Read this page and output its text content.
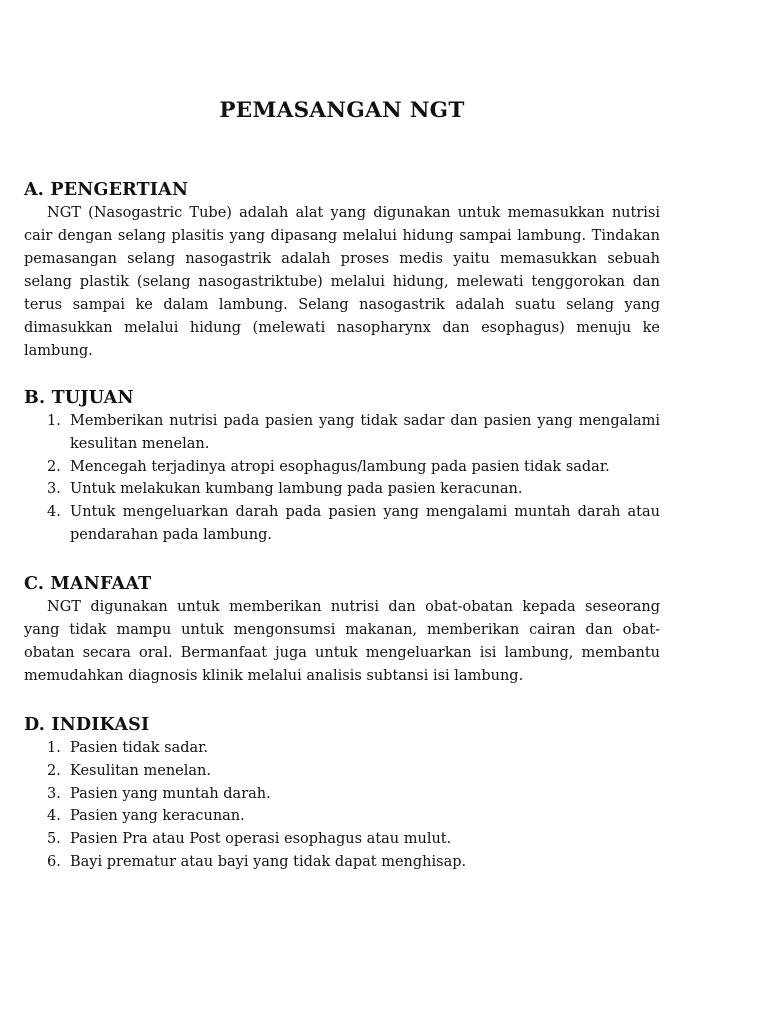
PEMASANGAN NGT
A. PENGERTIAN

NGT (Nasogastric Tube) adalah alat yang digunakan untuk memasukkan nutrisi cair dengan selang plasitis yang dipasang melalui hidung sampai lambung. Tindakan pemasangan selang nasogastrik adalah proses medis yaitu memasukkan sebuah selang plastik (selang nasogastriktube) melalui hidung, melewati tenggorokan dan terus sampai ke dalam lambung. Selang nasogastrik adalah suatu selang yang dimasukkan melalui hidung (melewati nasopharynx dan esophagus) menuju ke lambung.

B. TUJUAN
1. Memberikan nutrisi pada pasien yang tidak sadar dan pasien yang mengalami kesulitan menelan.
2. Mencegah terjadinya atropi esophagus/lambung pada pasien tidak sadar.
3. Untuk melakukan kumbang lambung pada pasien keracunan.
4. Untuk mengeluarkan darah pada pasien yang mengalami muntah darah atau pendarahan pada lambung.
C. MANFAAT

NGT digunakan untuk memberikan nutrisi dan obat-obatan kepada seseorang yang tidak mampu untuk mengonsumsi makanan, memberikan cairan dan obat-obatan secara oral. Bermanfaat juga untuk mengeluarkan isi lambung, membantu memudahkan diagnosis klinik melalui analisis subtansi isi lambung.

D. INDIKASI
1. Pasien tidak sadar.
2. Kesulitan menelan.
3. Pasien yang muntah darah.
4. Pasien yang keracunan.
5. Pasien Pra atau Post operasi esophagus atau mulut.
6. Bayi prematur atau bayi yang tidak dapat menghisap.
